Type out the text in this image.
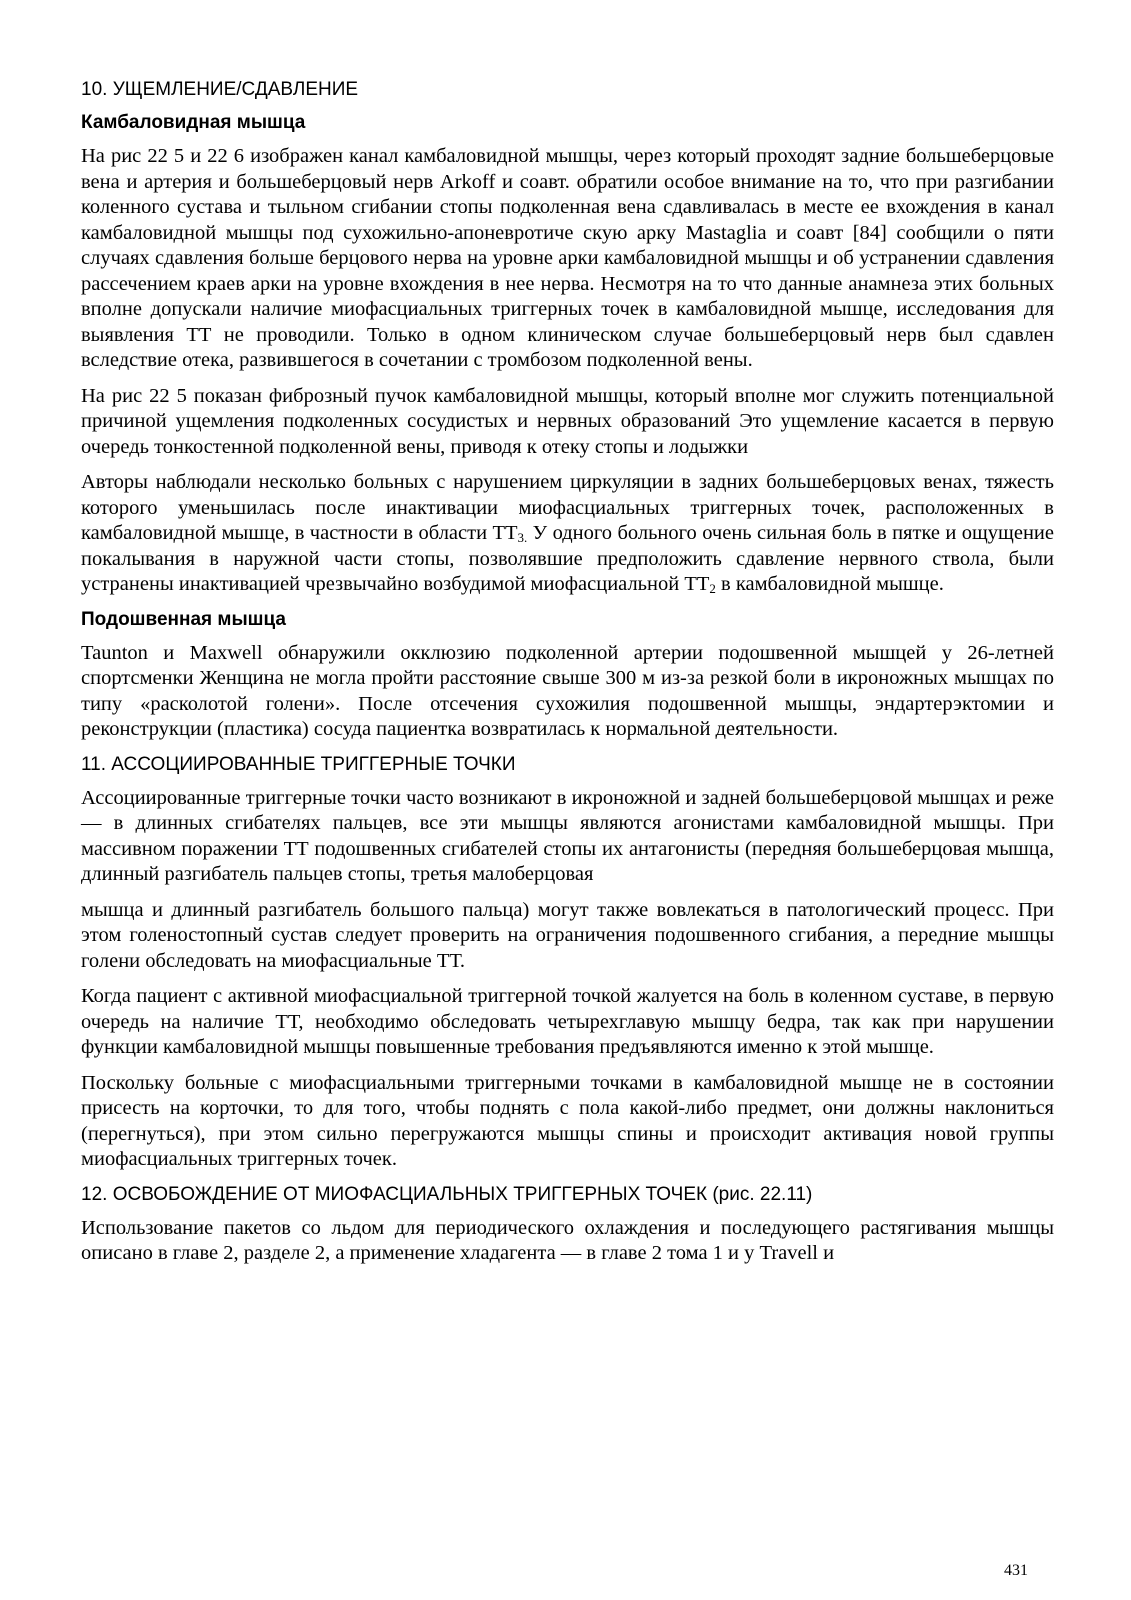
10. УЩЕМЛЕНИЕ/СДАВЛЕНИЕ
Камбаловидная мышца

На рис 22 5 и 22 6 изображен канал камбаловидной мышцы, через который проходят задние большеберцовые вена и артерия и большеберцовый нерв Arkoff и соавт. обратили особое внимание на то, что при разгибании коленного сустава и тыльном сгибании стопы подколенная вена сдавливалась в месте ее вхождения в канал камбаловидной мышцы под сухожильно-апоневротиче скую арку Mastaglia и соавт [84] сообщили о пяти случаях сдавления больше берцового нерва на уровне арки камбаловидной мышцы и об устранении сдавления рассечением краев арки на уровне вхождения в нее нерва. Несмотря на то что данные анамнеза этих больных вполне допускали наличие миофасциальных триггерных точек в камбаловидной мышце, исследования для выявления ТТ не проводили. Только в одном клиническом случае большеберцовый нерв был сдавлен вследствие отека, развившегося в сочетании с тромбозом подколенной вены.

На рис 22 5 показан фиброзный пучок камбаловидной мышцы, который вполне мог служить потенциальной причиной ущемления подколенных сосудистых и нервных образований Это ущемление касается в первую очередь тонкостенной подколенной вены, приводя к отеку стопы и лодыжки

Авторы наблюдали несколько больных с нарушением циркуляции в задних большеберцовых венах, тяжесть которого уменьшилась после инактивации миофасциальных триггерных точек, расположенных в камбаловидной мышце, в частности в области $ТТ_{3.}$ У одного больного очень сильная боль в пятке и ощущение покалывания в наружной части стопы, позволявшие предположить сдавление нервного ствола, были устранены инактивацией чрезвычайно возбудимой миофасциальной $ТТ_2$ в камбаловидной мышце.

Подошвенная мышца

Taunton и Maxwell обнаружили окклюзию подколенной артерии подошвенной мышцей у 26-летней спортсменки Женщина не могла пройти расстояние свыше 300 м из-за резкой боли в икроножных мышцах по типу «расколотой голени». После отсечения сухожилия подошвенной мышцы, эндартерэктомии и реконструкции (пластика) сосуда пациентка возвратилась к нормальной деятельности.

11. АССОЦИИРОВАННЫЕ ТРИГГЕРНЫЕ ТОЧКИ

Ассоциированные триггерные точки часто возникают в икроножной и задней большеберцовой мышцах и реже — в длинных сгибателях пальцев, все эти мышцы являются агонистами камбаловидной мышцы. При массивном поражении ТТ подошвенных сгибателей стопы их антагонисты (передняя большеберцовая мышца, длинный разгибатель пальцев стопы, третья малоберцовая

мышца и длинный разгибатель большого пальца) могут также вовлекаться в патологический процесс. При этом голеностопный сустав следует проверить на ограничения подошвенного сгибания, а передние мышцы голени обследовать на миофасциальные ТТ.

Когда пациент с активной миофасциальной триггерной точкой жалуется на боль в коленном суставе, в первую очередь на наличие ТТ, необходимо обследовать четырехглавую мышцу бедра, так как при нарушении функции камбаловидной мышцы повышенные требования предъявляются именно к этой мышце.

Поскольку больные с миофасциальными триггерными точками в камбаловидной мышце не в состоянии присесть на корточки, то для того, чтобы поднять с пола какой-либо предмет, они должны наклониться (перегнуться), при этом сильно перегружаются мышцы спины и происходит активация новой группы миофасциальных триггерных точек.

12. ОСВОБОЖДЕНИЕ ОТ МИОФАСЦИАЛЬНЫХ ТРИГГЕРНЫХ ТОЧЕК (рис. 22.11)

Использование пакетов со льдом для периодического охлаждения и последующего растягивания мышцы описано в главе 2, разделе 2, а применение хладагента — в главе 2 тома 1 и у Travell и

431
